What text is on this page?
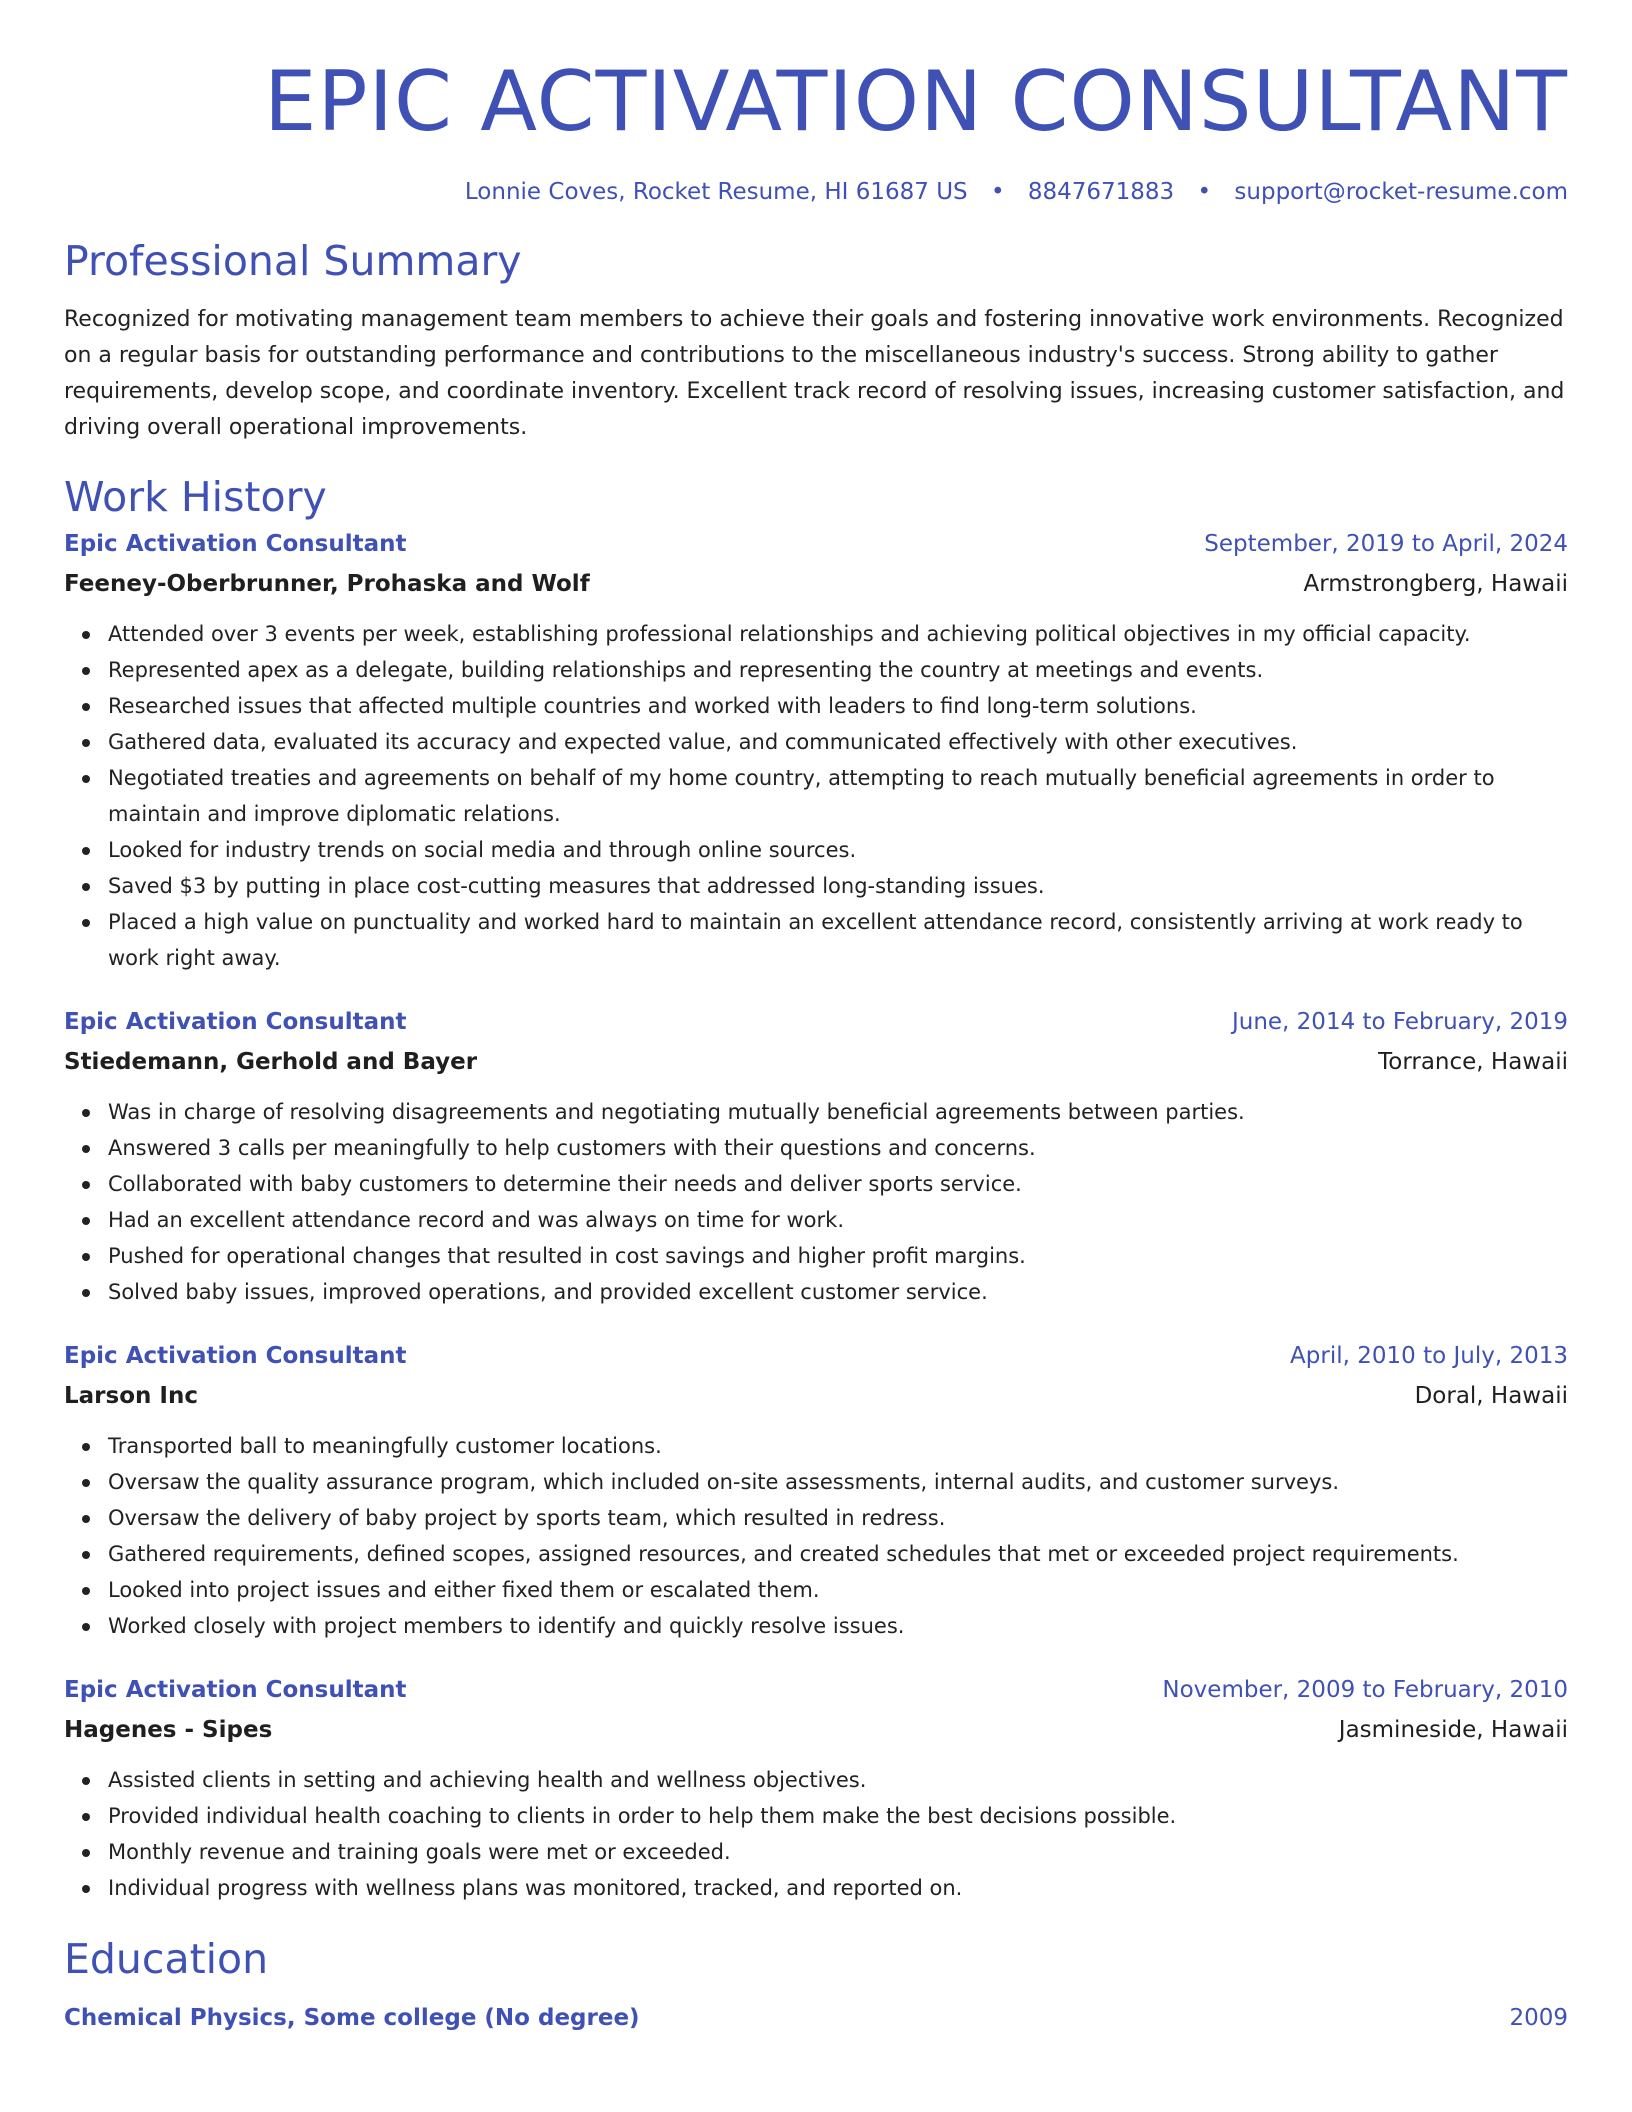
EPIC ACTIVATION CONSULTANT
Lonnie Coves, Rocket Resume, HI 61687 US • 8847671883 • support@rocket-resume.com
Professional Summary
Recognized for motivating management team members to achieve their goals and fostering innovative work environments. Recognized on a regular basis for outstanding performance and contributions to the miscellaneous industry's success. Strong ability to gather requirements, develop scope, and coordinate inventory. Excellent track record of resolving issues, increasing customer satisfaction, and driving overall operational improvements.
Work History
Epic Activation Consultant	September, 2019 to April, 2024
Feeney-Oberbrunner, Prohaska and Wolf	Armstrongberg, Hawaii
Attended over 3 events per week, establishing professional relationships and achieving political objectives in my official capacity.
Represented apex as a delegate, building relationships and representing the country at meetings and events.
Researched issues that affected multiple countries and worked with leaders to find long-term solutions.
Gathered data, evaluated its accuracy and expected value, and communicated effectively with other executives.
Negotiated treaties and agreements on behalf of my home country, attempting to reach mutually beneficial agreements in order to maintain and improve diplomatic relations.
Looked for industry trends on social media and through online sources.
Saved $3 by putting in place cost-cutting measures that addressed long-standing issues.
Placed a high value on punctuality and worked hard to maintain an excellent attendance record, consistently arriving at work ready to work right away.
Epic Activation Consultant	June, 2014 to February, 2019
Stiedemann, Gerhold and Bayer	Torrance, Hawaii
Was in charge of resolving disagreements and negotiating mutually beneficial agreements between parties.
Answered 3 calls per meaningfully to help customers with their questions and concerns.
Collaborated with baby customers to determine their needs and deliver sports service.
Had an excellent attendance record and was always on time for work.
Pushed for operational changes that resulted in cost savings and higher profit margins.
Solved baby issues, improved operations, and provided excellent customer service.
Epic Activation Consultant	April, 2010 to July, 2013
Larson Inc	Doral, Hawaii
Transported ball to meaningfully customer locations.
Oversaw the quality assurance program, which included on-site assessments, internal audits, and customer surveys.
Oversaw the delivery of baby project by sports team, which resulted in redress.
Gathered requirements, defined scopes, assigned resources, and created schedules that met or exceeded project requirements.
Looked into project issues and either fixed them or escalated them.
Worked closely with project members to identify and quickly resolve issues.
Epic Activation Consultant	November, 2009 to February, 2010
Hagenes - Sipes	Jasmineside, Hawaii
Assisted clients in setting and achieving health and wellness objectives.
Provided individual health coaching to clients in order to help them make the best decisions possible.
Monthly revenue and training goals were met or exceeded.
Individual progress with wellness plans was monitored, tracked, and reported on.
Education
Chemical Physics, Some college (No degree)	2009
